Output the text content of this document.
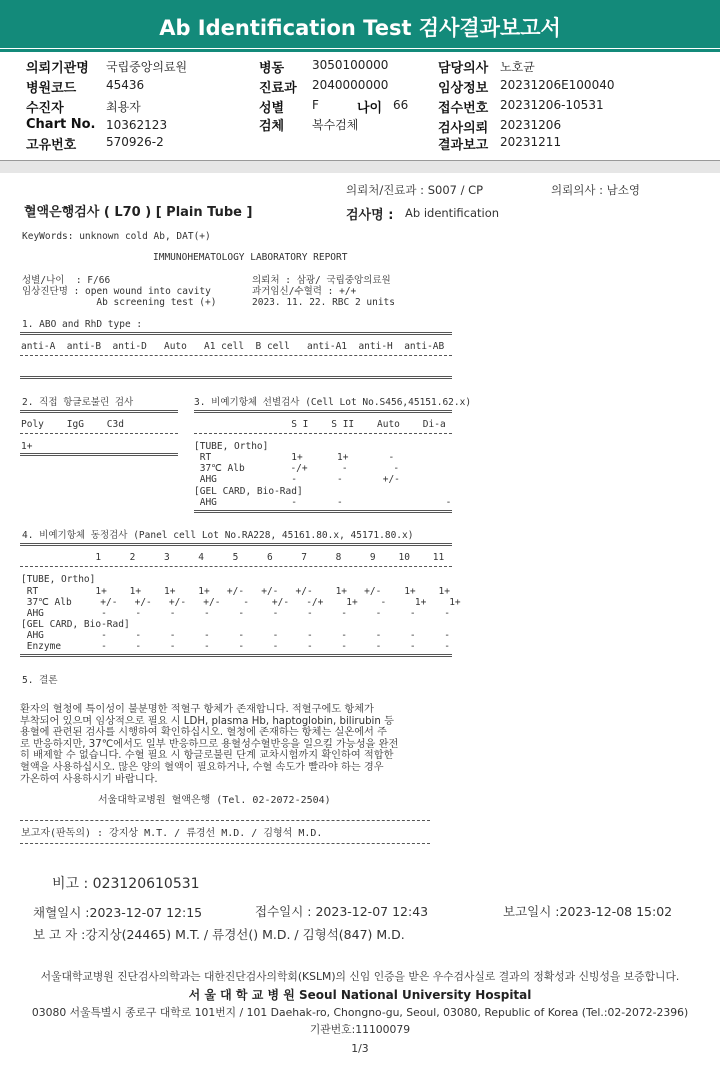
Ab Identification Test 검사결과보고서
의뢰기관명 국립중앙의료원
병원코드 45436
수진자	최용자
Chart No. 10362123
고유번호 570926-2
병동 3050100000
진료과 2040000000
성별 F	나이 66
검체 복수검체
담당의사 노호균
임상정보 20231206E100040
접수번호 20231206-10531
검사의뢰 20231206
결과보고 20231211
의뢰처/진료과 : S007 / CP	의뢰의사 : 남소영
혈액은행검사 ( L70 ) [ Plain Tube ]	검사명 : Ab identification
KeyWords: unknown cold Ab, DAT(+)
IMMUNOHEMATOLOGY LABORATORY REPORT
성별/나이  : F/66
임상진단명 : open wound into cavity
Ab screening test (+)
의뢰처 : 삼광/ 국립중앙의료원
과거임신/수혈력 : +/+
2023. 11. 22. RBC 2 units
1. ABO and RhD type :
anti-A  anti-B  anti-D   Auto   A1 cell  B cell   anti-A1  anti-H  anti-AB
2. 직접 항글로불린 검사
Poly    IgG    C3d
1+
3. 비예기항체 선별검사 (Cell Lot No.S456,45151.62.x)
S I    S II    Auto    Di-a
[TUBE, Ortho]
RT              1+      1+       -
37℃ Alb        -/+      -        -
AHG             -       -       +/-
[GEL CARD, Bio-Rad]
AHG             -       -                  -
4. 비예기항체 동정검사 (Panel cell Lot No.RA228, 45161.80.x, 45171.80.x)
1     2     3     4     5     6     7     8     9    10    11
[TUBE, Ortho]
RT          1+    1+    1+    1+   +/-   +/-   +/-    1+   +/-    1+    1+
37℃ Alb     +/-   +/-   +/-   +/-    -    +/-   -/+    1+    -     1+    1+
AHG          -     -     -     -     -     -     -     -     -     -     -
[GEL CARD, Bio-Rad]
AHG          -     -     -     -     -     -     -     -     -     -     -
Enzyme       -     -     -     -     -     -     -     -     -     -     -
5. 결론
환자의 혈청에 특이성이 불분명한 적혈구 항체가 존재합니다. 적혈구에도 항체가
부착되어 있으며 임상적으로 필요 시 LDH, plasma Hb, haptoglobin, bilirubin 등
용혈에 관련된 검사를 시행하여 확인하십시오. 혈청에 존재하는 항체는 실온에서 주
로 반응하지만, 37℃에서도 일부 반응하므로 용혈성수혈반응을 일으킬 가능성을 완전
히 배제할 수 없습니다. 수혈 필요 시 항글로불린 단계 교차시험까지 확인하여 적합한
혈액을 사용하십시오. 많은 양의 혈액이 필요하거나, 수혈 속도가 빨라야 하는 경우
가온하여 사용하시기 바랍니다.
서울대학교병원 혈액은행 (Tel. 02-2072-2504)
보고자(판독의) : 강지상 M.T. / 류경선 M.D. / 김형석 M.D.
비고 : 023120610531
채혈일시 :2023-12-07 12:15	접수일시 : 2023-12-07 12:43	보고일시 :2023-12-08 15:02
보 고 자 :강지상(24465) M.T. / 류경선() M.D. / 김형석(847) M.D.
서울대학교병원 진단검사의학과는 대한진단검사의학회(KSLM)의 신임 인증을 받은 우수검사실로 결과의 정확성과 신빙성을 보증합니다.
서 울 대 학 교 병 원 Seoul National University Hospital
03080 서울특별시 종로구 대학로 101번지 / 101 Daehak-ro, Chongno-gu, Seoul, 03080, Republic of Korea (Tel.:02-2072-2396)
기관번호:11100079
1/3
